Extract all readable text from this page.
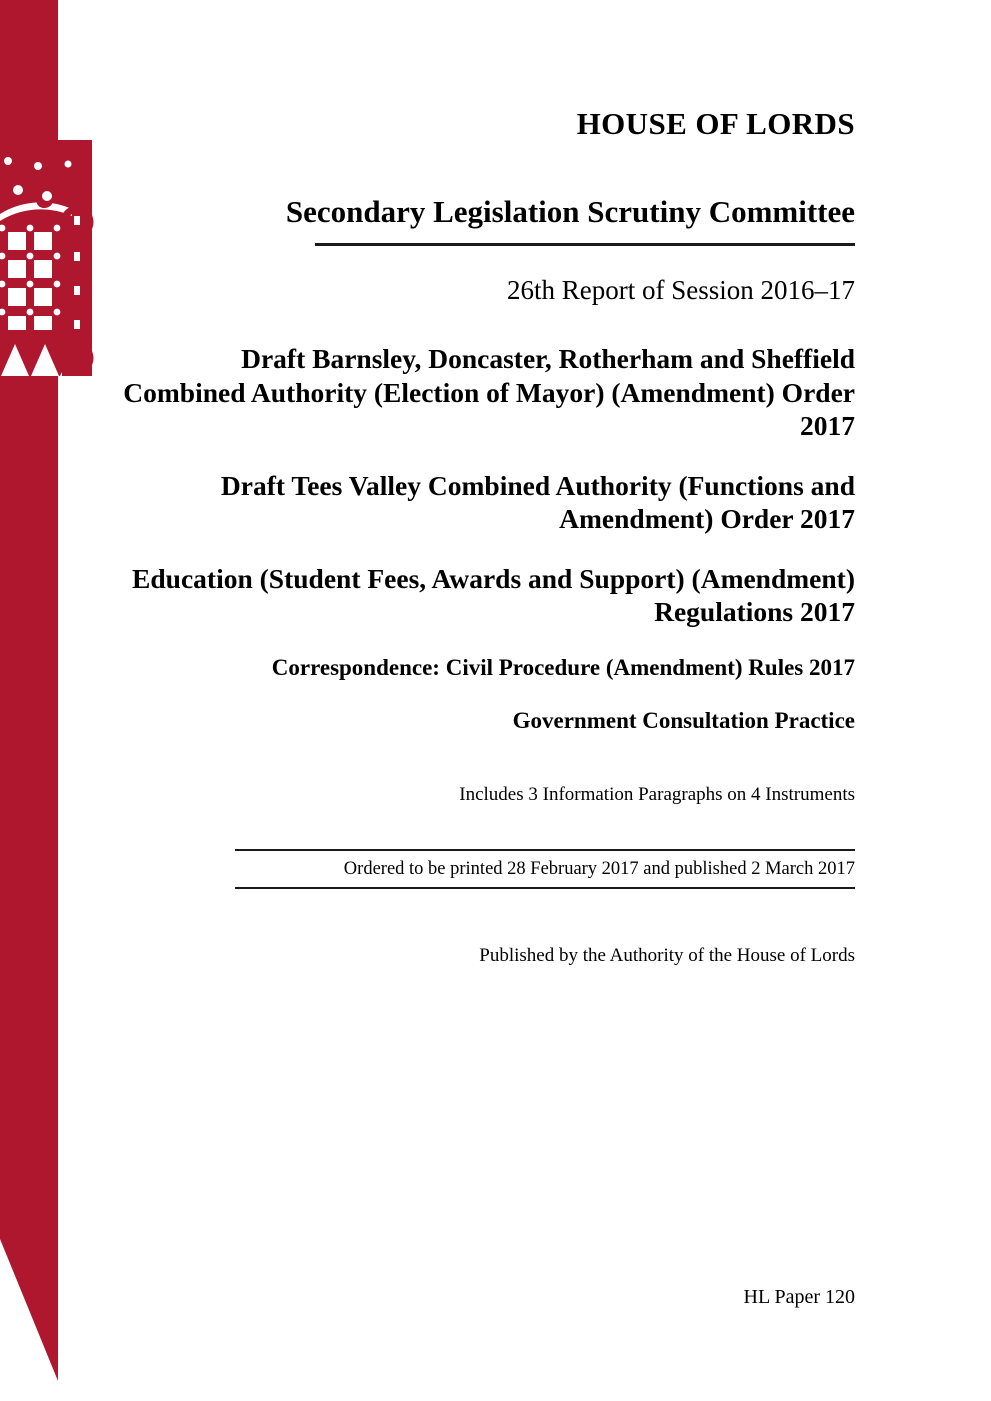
HOUSE OF LORDS
Secondary Legislation Scrutiny Committee

26th Report of Session 2016–17

Draft Barnsley, Doncaster, Rotherham and Sheffield Combined Authority (Election of Mayor) (Amendment) Order 2017
Draft Tees Valley Combined Authority (Functions and Amendment) Order 2017
Education (Student Fees, Awards and Support) (Amendment) Regulations 2017
Correspondence: Civil Procedure (Amendment) Rules 2017
Government Consultation Practice

Includes 3 Information Paragraphs on 4 Instruments

Ordered to be printed 28 February 2017 and published 2 March 2017

Published by the Authority of the House of Lords

HL Paper 120
